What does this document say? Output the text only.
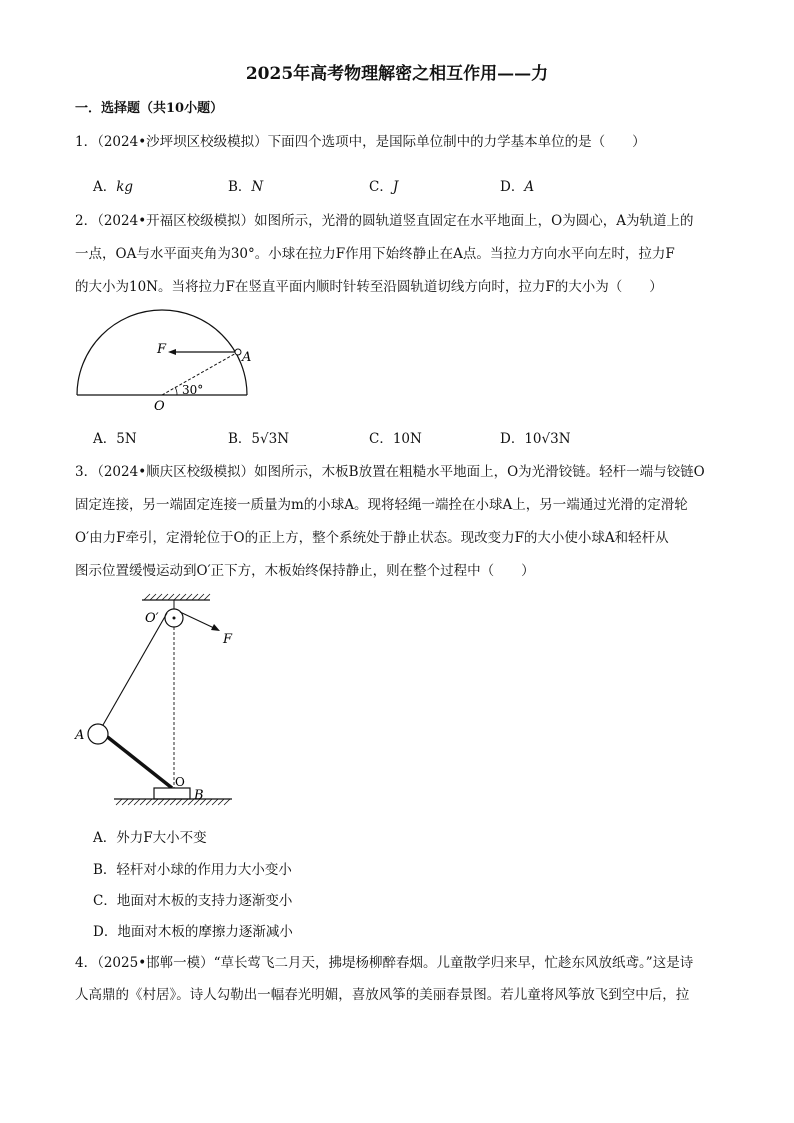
2025年高考物理解密之相互作用——力
一．选择题（共10小题）
1．（2024•沙坪坝区校级模拟）下面四个选项中，是国际单位制中的力学基本单位的是（　　）
A．kg	B．N	C．J	D．A
2．（2024•开福区校级模拟）如图所示，光滑的圆轨道竖直固定在水平地面上，O为圆心，A为轨道上的
一点，OA与水平面夹角为30°。小球在拉力F作用下始终静止在A点。当拉力方向水平向左时，拉力F
的大小为10N。当将拉力F在竖直平面内顺时针转至沿圆轨道切线方向时，拉力F的大小为（　　）
F
A
O
30°
A．5N	B．5√3N	C．10N	D．10√3N
3．（2024•顺庆区校级模拟）如图所示，木板B放置在粗糙水平地面上，O为光滑铰链。轻杆一端与铰链O
固定连接，另一端固定连接一质量为m的小球A。现将轻绳一端拴在小球A上，另一端通过光滑的定滑轮
O′由力F牵引，定滑轮位于O的正上方，整个系统处于静止状态。现改变力F的大小使小球A和轻杆从
图示位置缓慢运动到O′正下方，木板始终保持静止，则在整个过程中（　　）
O′
F
A
O
B
A．外力F大小不变
B．轻杆对小球的作用力大小变小
C．地面对木板的支持力逐渐变小
D．地面对木板的摩擦力逐渐减小
4．（2025•邯郸一模）“草长莺飞二月天，拂堤杨柳醉春烟。儿童散学归来早，忙趁东风放纸鸢。”这是诗
人高鼎的《村居》。诗人勾勒出一幅春光明媚，喜放风筝的美丽春景图。若儿童将风筝放飞到空中后，拉
